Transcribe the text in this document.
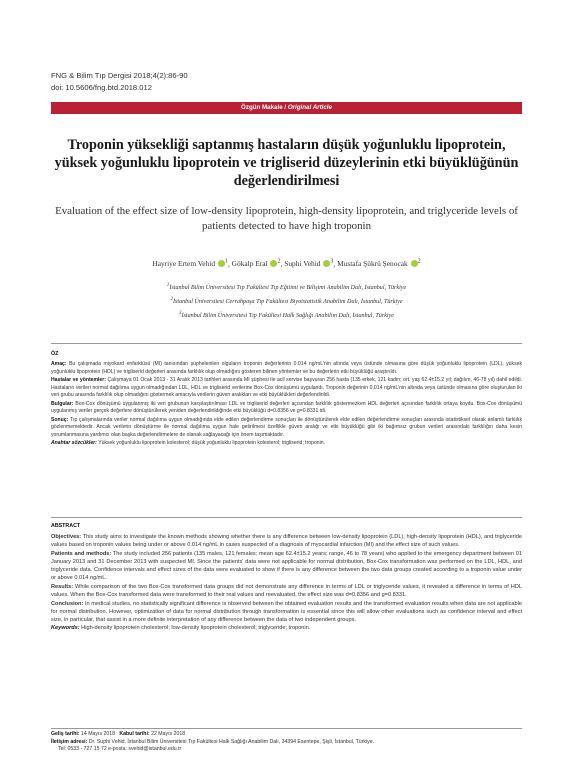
FNG & Bilim Tıp Dergisi 2018;4(2):86-90
doi: 10.5606/fng.btd.2018.012
Özgün Makale / Original Article
Troponin yüksekliği saptanmış hastaların düşük yoğunluklu lipoprotein, yüksek yoğunluklu lipoprotein ve trigliserid düzeylerinin etki büyüklüğünün değerlendirilmesi
Evaluation of the effect size of low-density lipoprotein, high-density lipoprotein, and triglyceride levels of patients detected to have high troponin
Hayriye Ertem Vehid $^1$, Gökalp Eral $^2$, Suphi Vehid $^3$, Mustafa Şükrü Şenocak $^2$
$^1$İstanbul Bilim Üniversitesi Tıp Fakültesi Tıp Eğitimi ve Bilişimi Anabilim Dalı, İstanbul, Türkiye
$^2$İstanbul Üniversitesi Cerrahpaşa Tıp Fakültesi Biyoistatistik Anabilim Dalı, İstanbul, Türkiye
$^3$İstanbul Bilim Üniversitesi Tıp Fakültesi Halk Sağlığı Anabilim Dalı, İstanbul, Türkiye
ÖZ

Amaç: Bu çalışmada miyokard enfarktüsü (MI) tanısından şüphelenilen olguların troponin değerlerinin 0.014 ng/mL'nin altında veya üstünde olmasına göre düşük yoğunluklu lipoprotein (LDL), yüksek yoğunluklu lipoprotein (HDL) ve trigliserid değerleri arasında farklılık olup olmadığını gösteren bilinen yöntemler ve bu değerlerin etki büyüklüğü araştırıldı.

Hastalar ve yöntemler: Çalışmaya 01 Ocak 2013 - 31 Aralık 2013 tarihleri arasında MI şüphesi ile acil servise başvuran 256 hasta (135 erkek, 121 kadın; ort. yaş 62.4±15.2 yıl; dağılım, 46-78 yıl) dahil edildi. Hastaların verileri normal dağılıma uygun olmadığından LDL, HDL ve trigliserid verilerine Box-Cox dönüşümü uygulandı. Troponin değerinin 0.014 ng/mL'nin altında veya üstünde olmasına göre oluşturulan iki veri grubu arasında farklılık olup olmadığını göstermek amacıyla verilerin güven aralıkları ve etki büyüklükleri değerlendirildi.

Bulgular: Box-Cox dönüşümü uygulanmış iki veri grubunun karşılaştırılması LDL ve trigliserid değerleri açısından farklılık göstermezken HDL değerleri açısından farklılık ortaya koydu. Box-Cox dönüşümü uygulanmış veriler gerçek değerlere dönüştürülerek yeniden değerlendirildiğinde etki büyüklüğü d=0.8356 ve g=0.8331 idi.

Sonuç: Tıp çalışmalarında veriler normal dağılıma uygun olmadığında elde edilen değerlendirme sonuçları ile dönüştürülerek elde edilen değerlendirme sonuçları arasında istatistiksel olarak anlamlı farklılık gözlenmemektedir. Ancak verilerin dönüştürme ile normal dağılıma uygun hale getirilmesi özellikle güven aralığı ve etki büyüklüğü gibi iki bağımsız grubun verileri arasındaki farklılığın daha kesin yorumlanmasına yardımcı olan başka değerlendirmelere de olanak sağlayacağı için önem taşımaktadır.

Anahtar sözcükler: Yüksek yoğunluklu lipoprotein kolesterol; düşük yoğunluklu lipoprotein kolesterol; trigliserid; troponin.

ABSTRACT

Objectives: This study aims to investigate the known methods showing whether there is any difference between low-density lipoprotein (LDL), high-density lipoprotein (HDL), and triglyceride values based on troponin values being under or above 0.014 ng/mL in cases suspected of a diagnosis of myocardial infarction (MI) and the effect size of such values.

Patients and methods: The study included 256 patients (135 males, 121 females; mean age 62.4±15.2 years; range, 46 to 78 years) who applied to the emergency department between 01 January 2013 and 31 December 2013 with suspected MI. Since the patients' data were not applicable for normal distribution, Box-Cox transformation was performed on the LDL, HDL, and triglyceride data. Confidence intervals and effect sizes of the data were evaluated to show if there is any difference between the two data groups created according to a troponin value under or above 0.014 ng/mL.

Results: While comparison of the two Box-Cox transformed data groups did not demonstrate any difference in terms of LDL or triglyceride values, it revealed a difference in terms of HDL values. When the Box-Cox transformed data were transformed to their real values and reevaluated, the effect size was d=0.8356 and g=0.8331.

Conclusion: In medical studies, no statistically significant difference is observed between the obtained evaluation results and the transformed evaluation results when data are not applicable for normal distribution. However, optimization of data for normal distribution through transformation is essential since this will allow other evaluations such as confidence interval and effect size, in particular, that assist in a more definite interpretation of any difference between the data of two independent groups.

Keywords: High-density lipoprotein cholesterol; low-density lipoprotein cholesterol; triglyceride; troponin.

Geliş tarihi: 14 Mayıs 2018 Kabul tarihi: 22 Mayıs 2018
İletişim adresi: Dr. Suphi Vehid. İstanbul Bilim Üniversitesi Tıp Fakültesi Halk Sağlığı Anabilim Dalı, 34394 Esentepe, Şişli, İstanbul, Türkiye.
Tel: 0533 - 727 15 72 e-posta: svehid@istanbul.edu.tr
